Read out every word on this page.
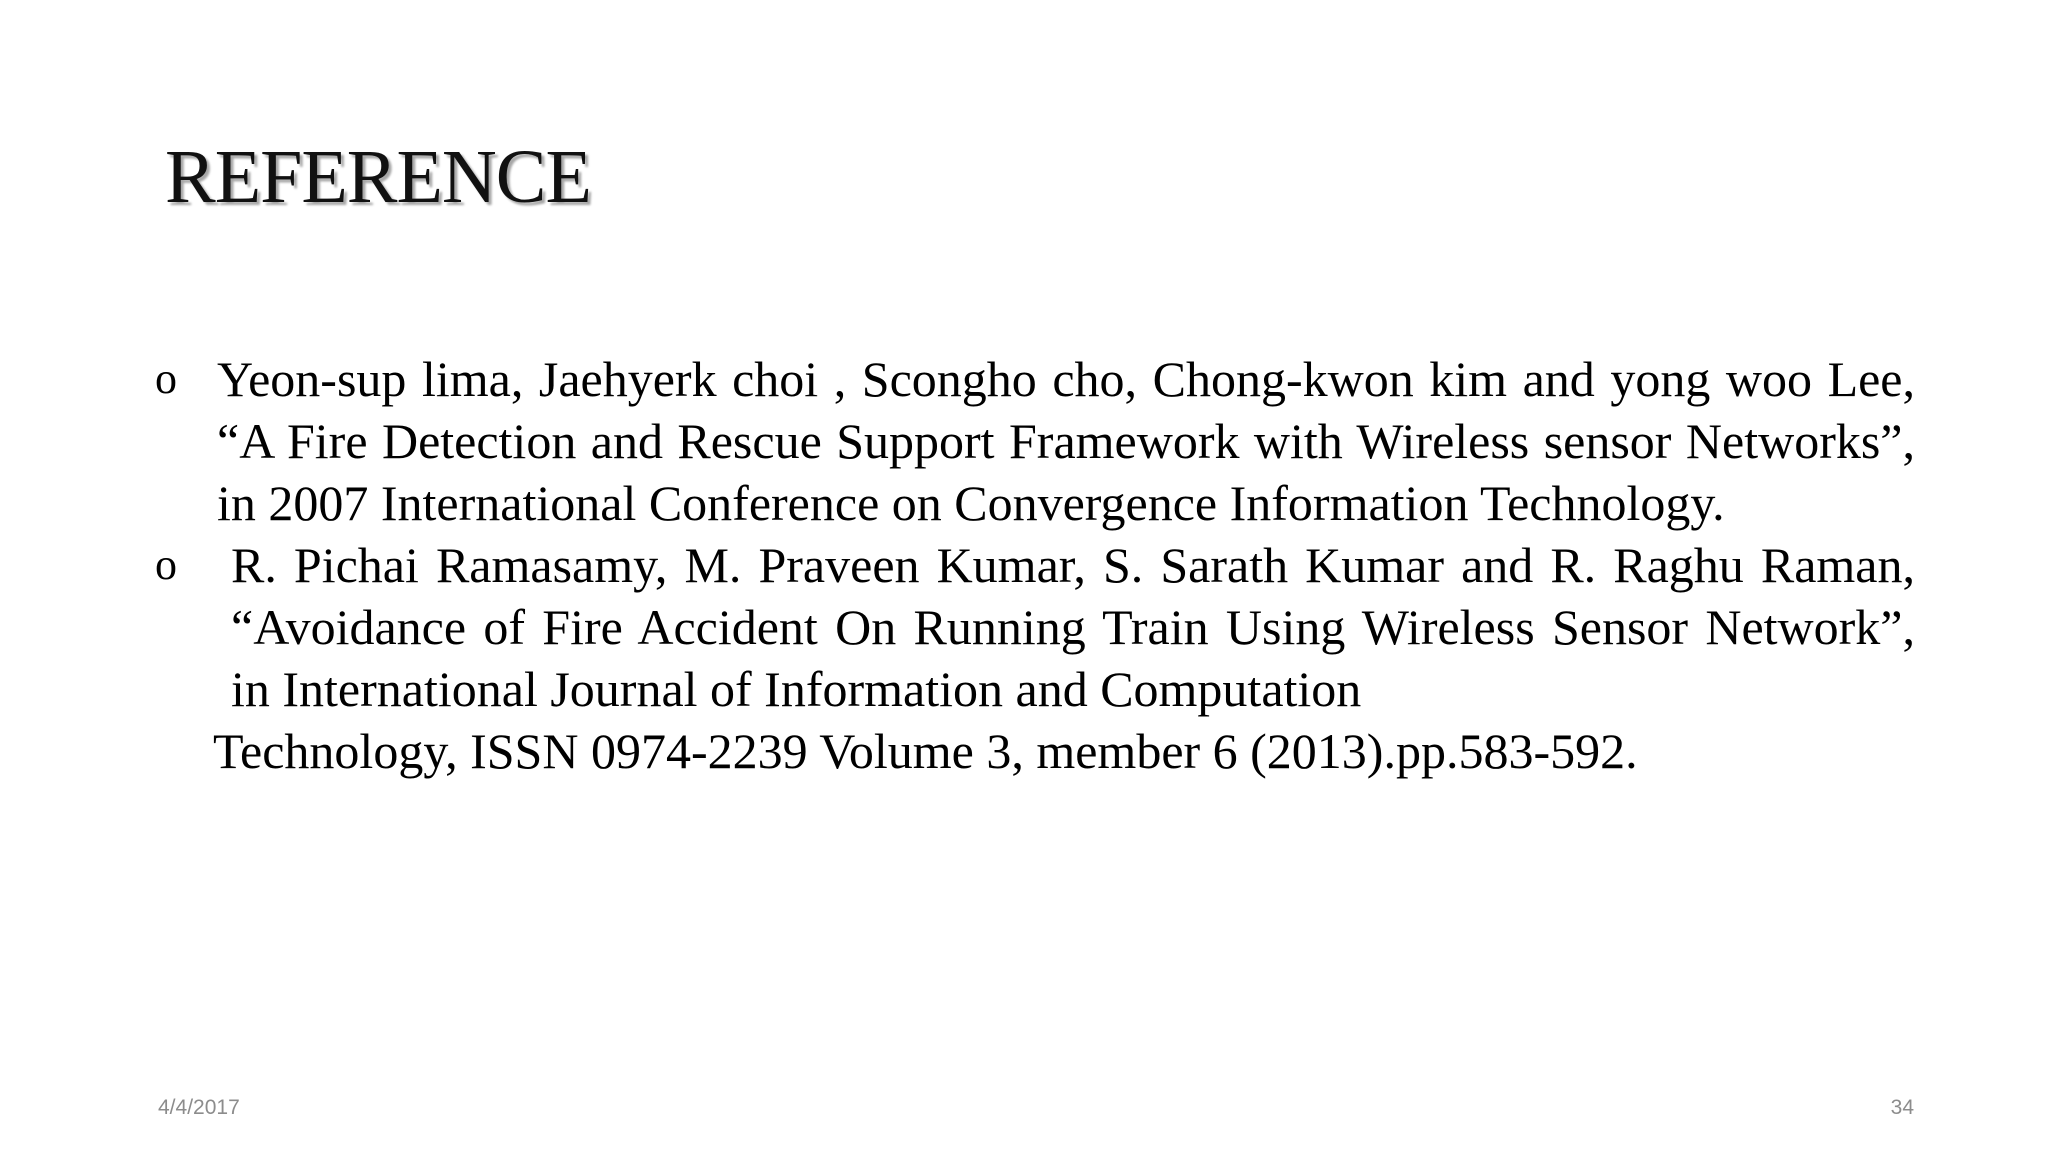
REFERENCE
o Yeon-sup lima, Jaehyerk choi , Scongho cho, Chong-kwon kim and yong woo Lee, “A Fire Detection and Rescue Support Framework with Wireless sensor Networks”, in 2007 International Conference on Convergence Information Technology.
o	R. Pichai Ramasamy, M. Praveen Kumar, S. Sarath Kumar and R. Raghu Raman, “Avoidance of Fire Accident On Running Train Using Wireless Sensor Network”, in International Journal of Information and Computation
Technology, ISSN 0974-2239 Volume 3, member 6 (2013).pp.583-592.
4/4/2017	34
